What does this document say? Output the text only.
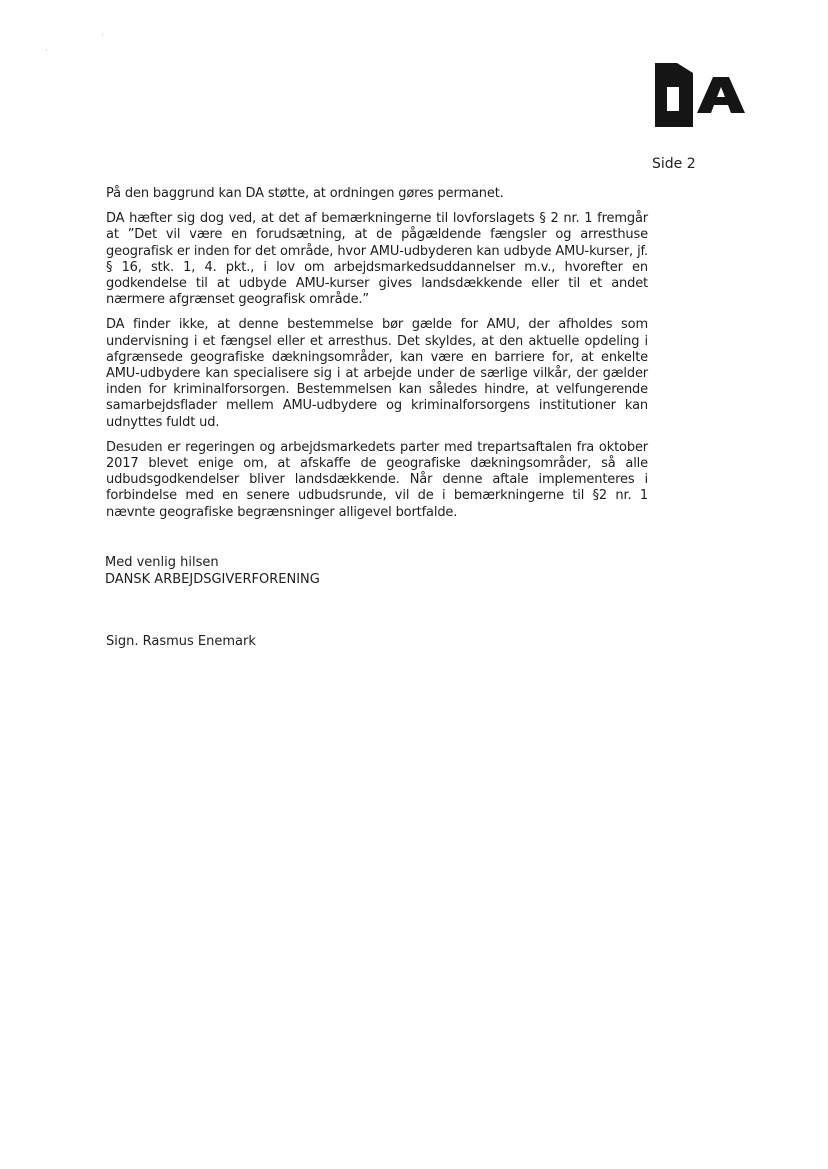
·
·
Side 2

På den baggrund kan DA støtte, at ordningen gøres permanet.

DA hæfter sig dog ved, at det af bemærkningerne til lovforslagets § 2 nr. 1 fremgår at ”Det vil være en forudsætning, at de pågældende fængsler og arresthuse geografisk er inden for det område, hvor AMU-udbyderen kan udbyde AMU-kurser, jf. § 16, stk. 1, 4. pkt., i lov om arbejdsmarkedsuddannelser m.v., hvorefter en godkendelse til at udbyde AMU-kurser gives landsdækkende eller til et andet nærmere afgrænset geografisk område.”

DA finder ikke, at denne bestemmelse bør gælde for AMU, der afholdes som undervisning i et fængsel eller et arresthus. Det skyldes, at den aktuelle opdeling i afgrænsede geografiske dækningsområder, kan være en barriere for, at enkelte AMU-udbydere kan specialisere sig i at arbejde under de særlige vilkår, der gælder inden for kriminalforsorgen. Bestemmelsen kan således hindre, at velfungerende samarbejdsflader mellem AMU-udbydere og kriminalforsorgens institutioner kan udnyttes fuldt ud.

Desuden er regeringen og arbejdsmarkedets parter med trepartsaftalen fra oktober 2017 blevet enige om, at afskaffe de geografiske dækningsområder, så alle udbudsgodkendelser bliver landsdækkende. Når denne aftale implementeres i forbindelse med en senere udbudsrunde, vil de i bemærkningerne til §2 nr. 1 nævnte geografiske begrænsninger alligevel bortfalde.

Med venlig hilsen
DANSK ARBEJDSGIVERFORENING
Sign. Rasmus Enemark
